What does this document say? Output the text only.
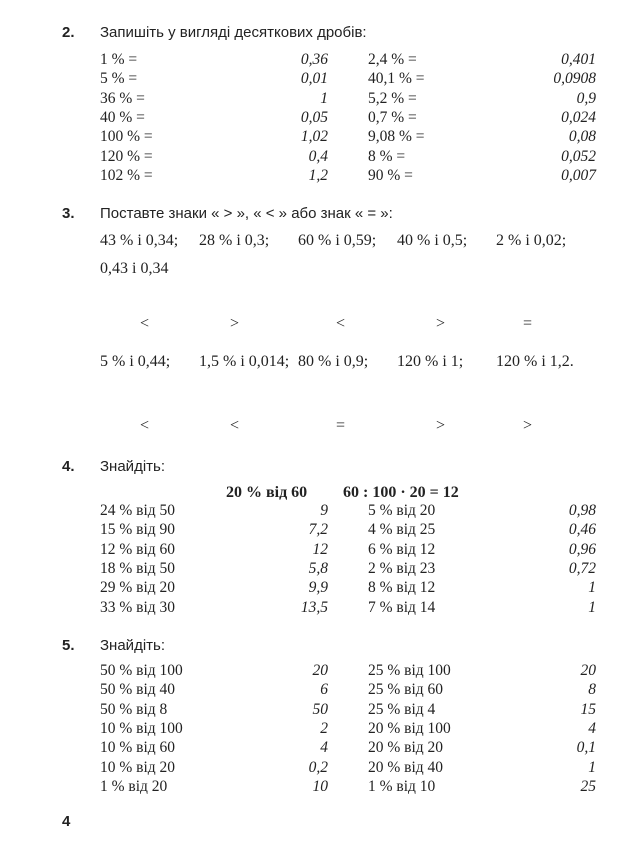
2. Запишіть у вигляді десяткових дробів:
1 % =	0,36	2,4 % =	0,401
5 % =	0,01	40,1 % =	0,0908
36 % =	1	5,2 % =	0,9
40 % =	0,05	0,7 % =	0,024
100 % =	1,02	9,08 % =	0,08
120 % =	0,4	8 % =	0,052
102 % =	1,2	90 % =	0,007
3. Поставте знаки « > », « < » або знак « = »:
43 % і 0,34; 28 % і 0,3; 60 % і 0,59; 40 % і 0,5; 2 % і 0,02;
0,43 і 0,34
<	>	<	>	=
5 % і 0,44; 1,5 % і 0,014; 80 % і 0,9; 120 % і 1; 120 % і 1,2.
<	<	=	>	>
4. Знайдіть:
20 % від 60 60 : 100 · 20 = 12
24 % від 50	9	5 % від 20	0,98
15 % від 90	7,2	4 % від 25	0,46
12 % від 60	12	6 % від 12	0,96
18 % від 50	5,8	2 % від 23	0,72
29 % від 20	9,9	8 % від 12	1
33 % від 30	13,5	7 % від 14	1
5. Знайдіть:
50 % від 100	20	25 % від 100	20
50 % від 40	6	25 % від 60	8
50 % від 8	50	25 % від 4	15
10 % від 100	2	20 % від 100	4
10 % від 60	4	20 % від 20	0,1
10 % від 20	0,2	20 % від 40	1
1 % від 20	10	1 % від 10	25
4
